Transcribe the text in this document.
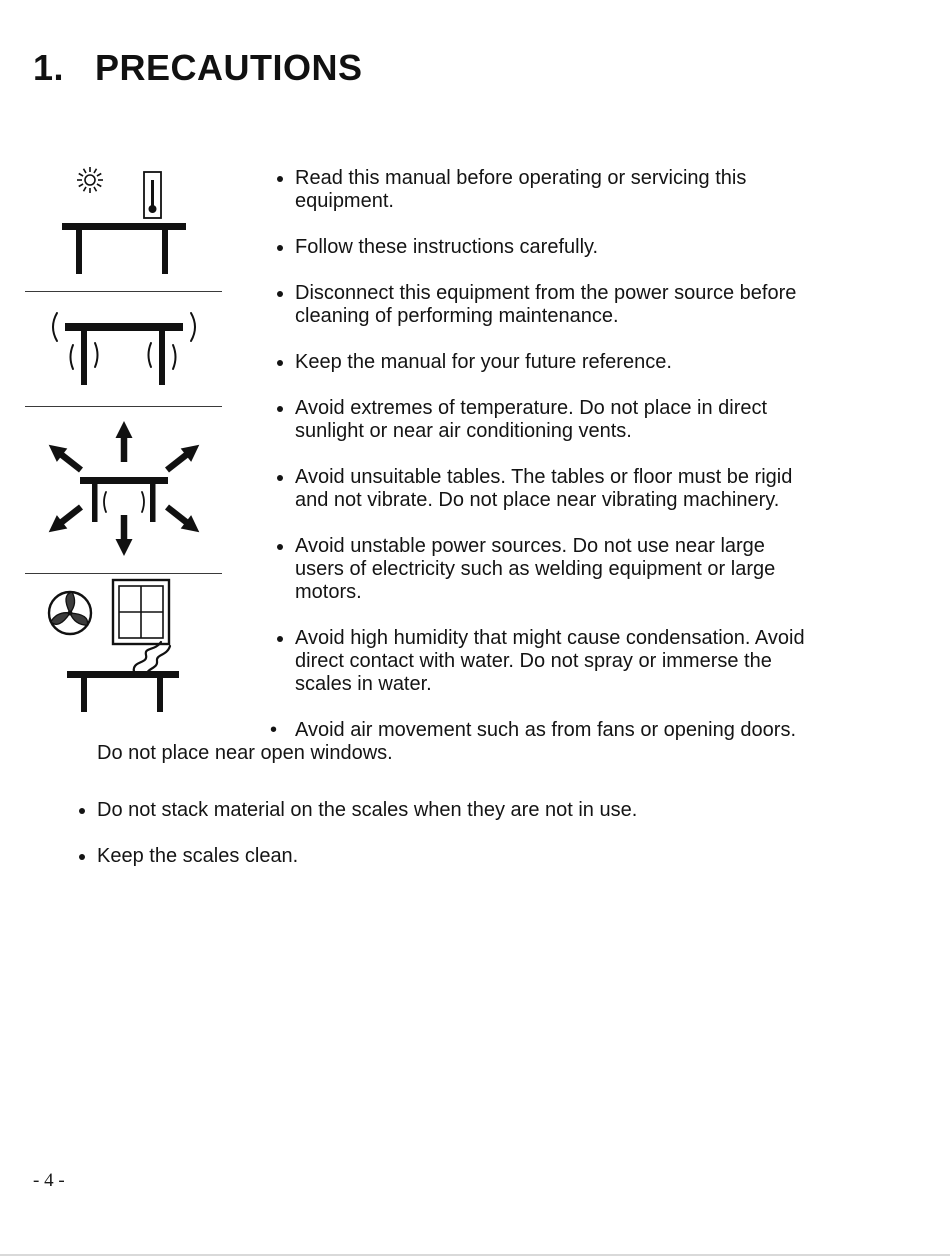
1. PRECAUTIONS
• Read this manual before operating or servicing this equipment.
• Follow these instructions carefully.
• Disconnect this equipment from the power source before cleaning of performing maintenance.
• Keep the manual for your future reference.
• Avoid extremes of temperature. Do not place in direct sunlight or near air conditioning vents.
• Avoid unsuitable tables. The tables or floor must be rigid and not vibrate. Do not place near vibrating machinery.
• Avoid unstable power sources. Do not use near large users of electricity such as welding equipment or large motors.
• Avoid high humidity that might cause condensation. Avoid direct contact with water. Do not spray or immerse the scales in water.

• Avoid air movement such as from fans or opening doors. Do not place near open windows.

• Do not stack material on the scales when they are not in use.
• Keep the scales clean.
- 4 -
